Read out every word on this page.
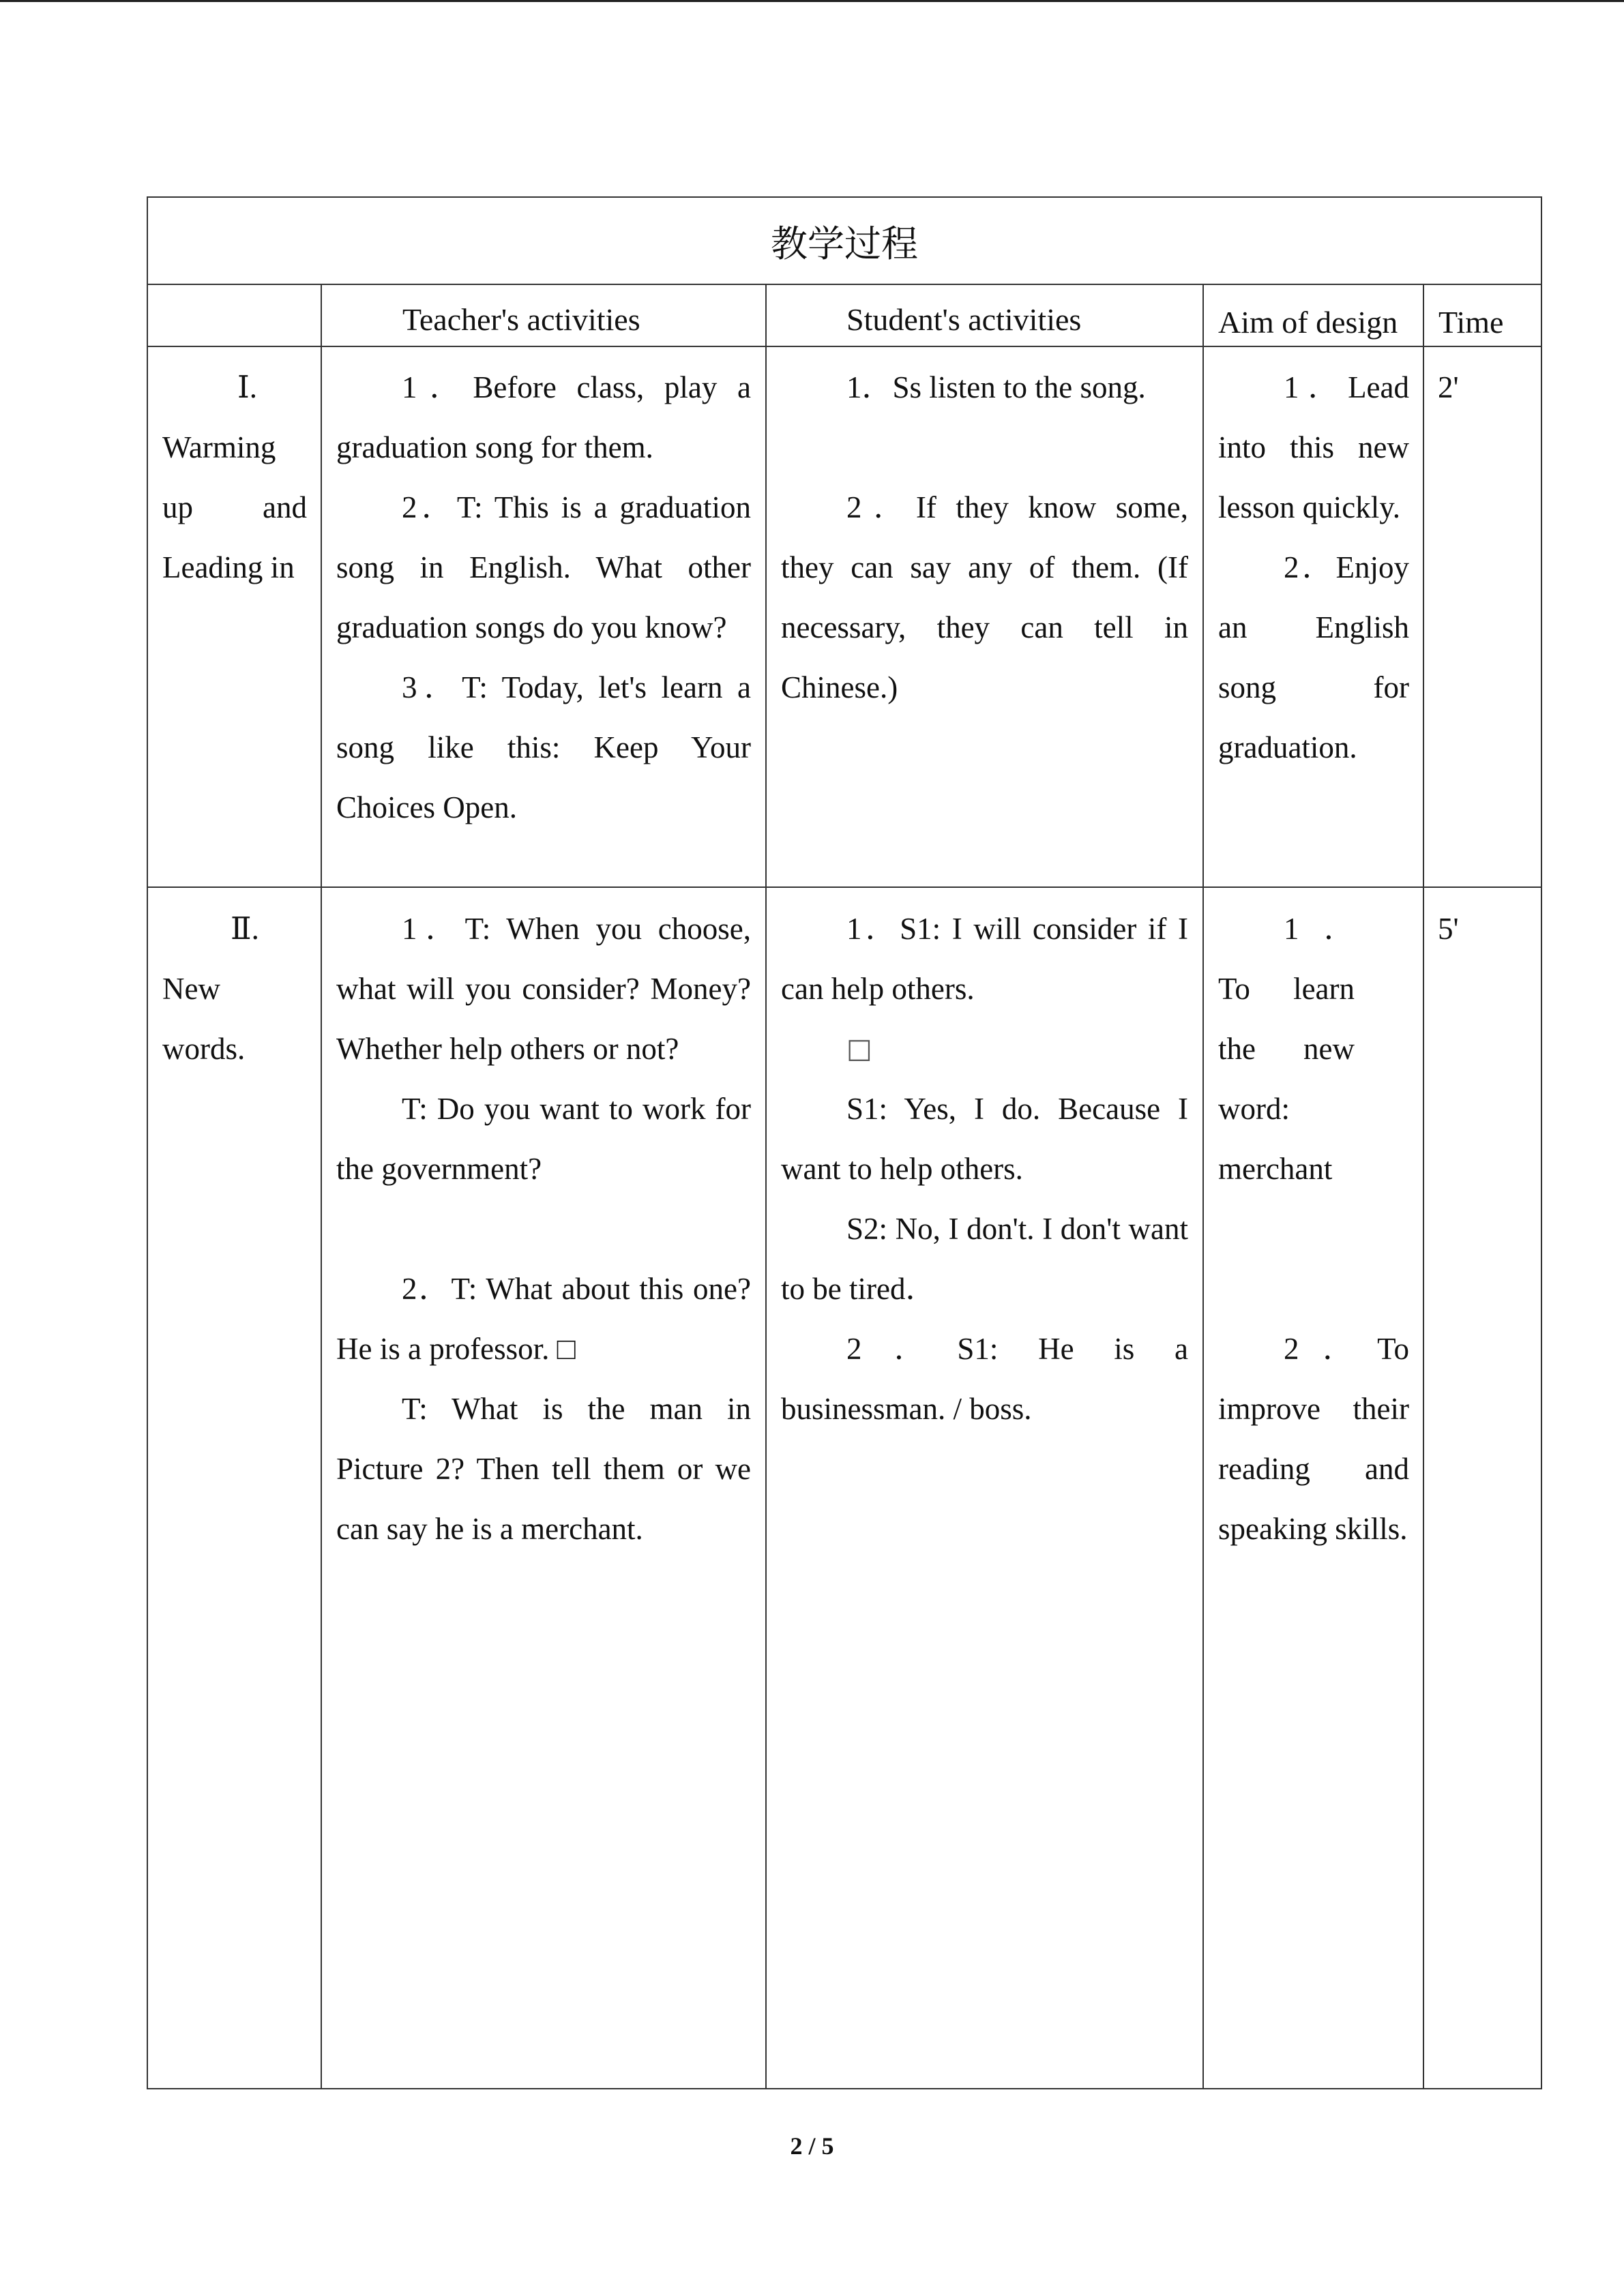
教学过程
Teacher's activities	Student's activities	Aim of design Time

Ⅰ.

Warming up and Leading in

1．Before class, play a graduation song for them.

2．T: This is a graduation song in English. What other graduation songs do you know?

3．T: Today, let's learn a song like this: Keep Your Choices Open.

1．Ss listen to the song.

2．If they know some, they can say any of them. (If necessary, they can tell in Chinese.)

1．Lead into this new lesson quickly.

2．Enjoy an English song for graduation.

2'

Ⅱ.

New words.

1．T: When you choose, what will you consider? Money? Whether help others or not?

T: Do you want to work for the government?

2．T: What about this one? He is a professor. □

T: What is the man in Picture 2? Then tell them or we can say he is a merchant.

1．S1: I will consider if I can help others.

□

S1: Yes, I do. Because I want to help others.

S2: No, I don't. I don't want to be tired．

2．S1: He is a businessman. / boss.

1．To learn the new word: merchant

2．To improve their reading and speaking skills.

5'

2 / 5
